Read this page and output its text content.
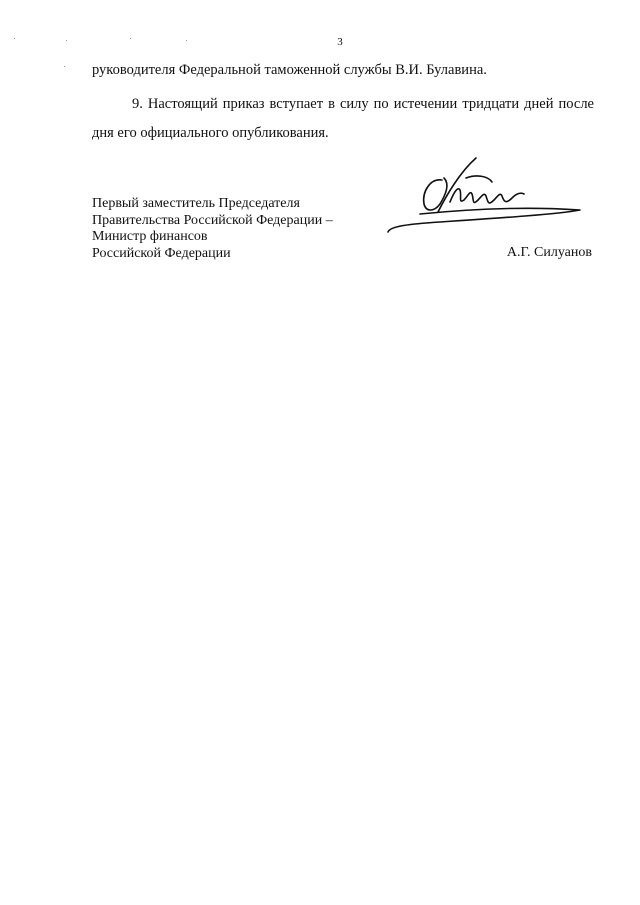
3
руководителя Федеральной таможенной службы В.И. Булавина.
9. Настоящий приказ вступает в силу по истечении тридцати дней после дня его официального опубликования.
Первый заместитель Председателя
Правительства Российской Федерации –
Министр финансов
Российской Федерации	А.Г. Силуанов
